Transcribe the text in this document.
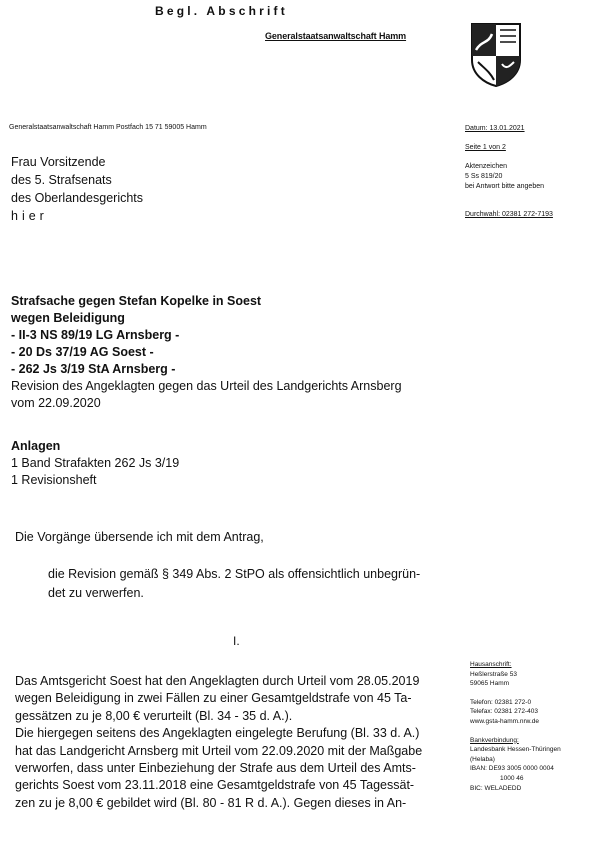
Begl. Abschrift
Generalstaatsanwaltschaft Hamm
Generalstaatsanwaltschaft Hamm Postfach 15 71 59005 Hamm
Frau Vorsitzende
des 5. Strafsenats
des Oberlandesgerichts
hier
Datum: 13.01.2021
Seite 1 von 2
Aktenzeichen
5 Ss 819/20
bei Antwort bitte angeben
Durchwahl: 02381 272-7193
Strafsache gegen Stefan Kopelke in Soest
wegen Beleidigung
- II-3 NS 89/19 LG Arnsberg -
- 20 Ds 37/19 AG Soest -
- 262 Js 3/19 StA Arnsberg -
Revision des Angeklagten gegen das Urteil des Landgerichts Arnsberg
vom 22.09.2020
Anlagen
1 Band Strafakten 262 Js 3/19
1 Revisionsheft
Die Vorgänge übersende ich mit dem Antrag,
die Revision gemäß § 349 Abs. 2 StPO als offensichtlich unbegrün-
det zu verwerfen.
I.
Das Amtsgericht Soest hat den Angeklagten durch Urteil vom 28.05.2019
wegen Beleidigung in zwei Fällen zu einer Gesamtgeldstrafe von 45 Ta-
gessätzen zu je 8,00 € verurteilt (Bl. 34 - 35 d. A.).
Die hiergegen seitens des Angeklagten eingelegte Berufung (Bl. 33 d. A.)
hat das Landgericht Arnsberg mit Urteil vom 22.09.2020 mit der Maßgabe
verworfen, dass unter Einbeziehung der Strafe aus dem Urteil des Amts-
gerichts Soest vom 23.11.2018 eine Gesamtgeldstrafe von 45 Tagessät-
zen zu je 8,00 € gebildet wird (Bl. 80 - 81 R d. A.). Gegen dieses in An-
Hausanschrift:
Heßlerstraße 53
59065 Hamm
Telefon: 02381 272-0
Telefax: 02381 272-403
www.gsta-hamm.nrw.de
Bankverbindung:
Landesbank Hessen-Thüringen
(Helaba)
IBAN: DE93 3005 0000 0004
1000 46
BIC: WELADEDD
